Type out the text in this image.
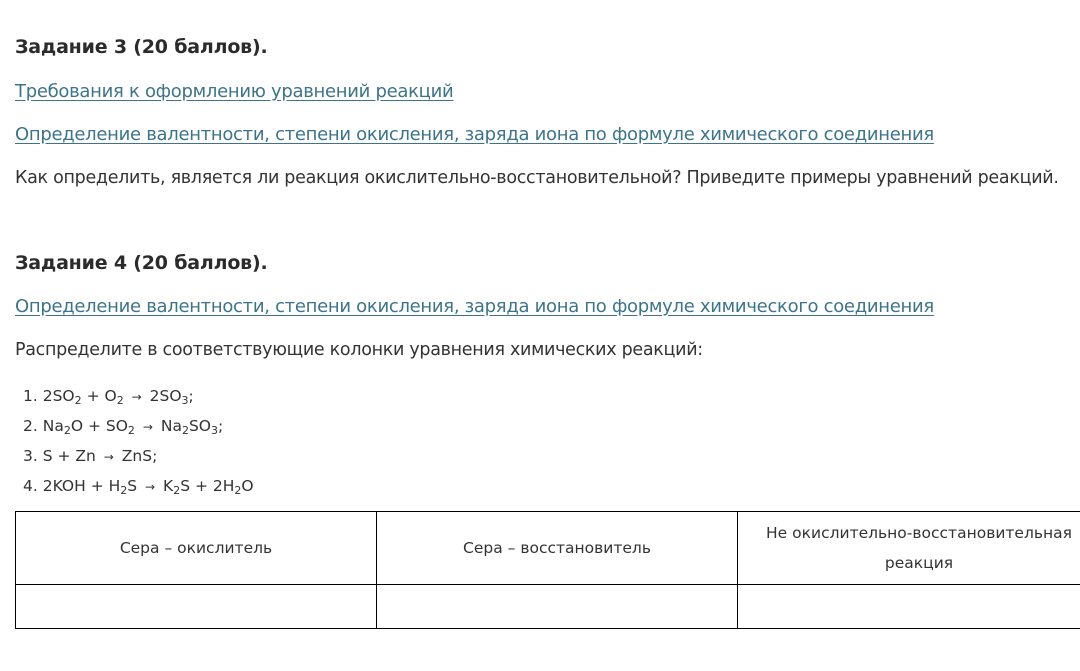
Задание 3 (20 баллов).
Требования к оформлению уравнений реакций
Определение валентности, степени окисления, заряда иона по формуле химического соединения
Как определить, является ли реакция окислительно-восстановительной? Приведите примеры уравнений реакций.
Задание 4 (20 баллов).
Определение валентности, степени окисления, заряда иона по формуле химического соединения
Распределите в соответствующие колонки уравнения химических реакций:
1. $2SO_2 + O_2 \to 2SO_3$;
2. $Na_2O + SO_2 \to Na_2SO_3$;
3. S + Zn → ZnS;
4. $2KOH + H_2S \to K_2S + 2H_2O$
Сера – окислитель	Сера – восстановитель	Не окислительно-восстановительная реакция
